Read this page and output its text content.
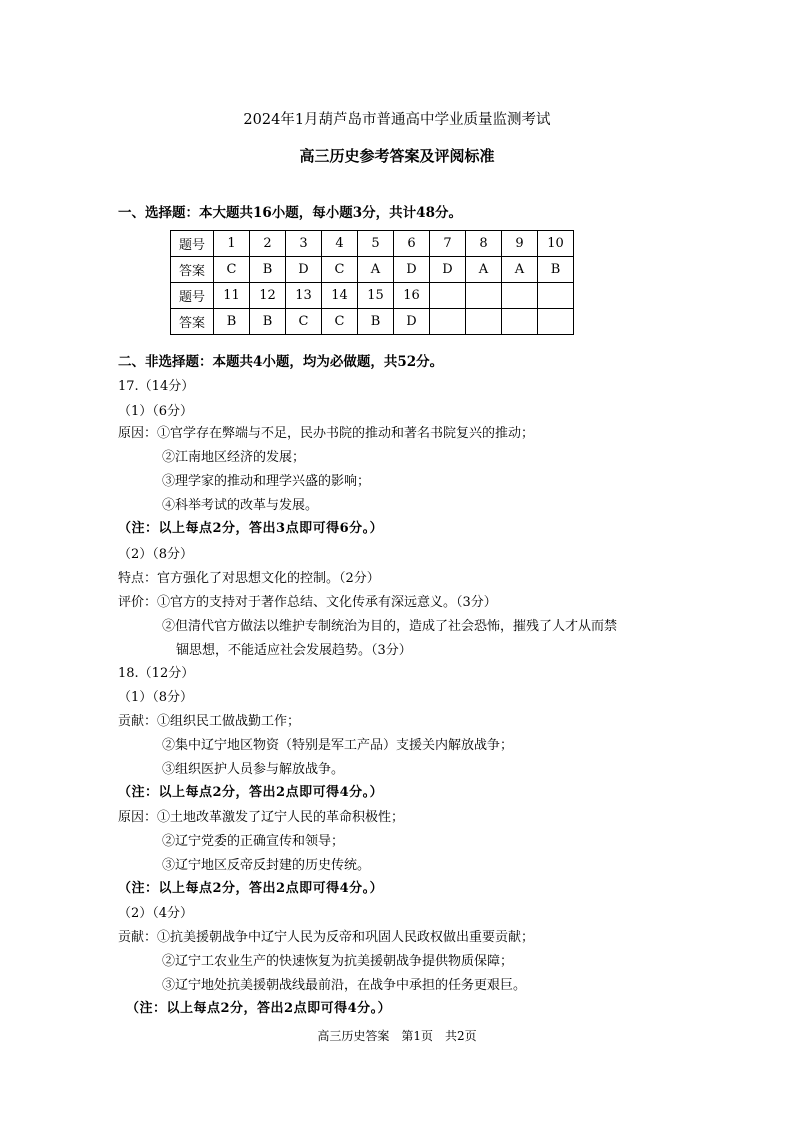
2024年1月葫芦岛市普通高中学业质量监测考试
高三历史参考答案及评阅标准
一、选择题：本大题共16小题，每小题3分，共计48分。
题号	1	2	3	4	5	6	7	8	9	10
答案	C	B	D	C	A	D	D	A	A	B
题号	11	12	13	14	15	16				
答案	B	B	C	C	B	D				
二、非选择题：本题共4小题，均为必做题，共52分。
17.（14分）
（1）（6分）
原因：①官学存在弊端与不足，民办书院的推动和著名书院复兴的推动；
②江南地区经济的发展；
③理学家的推动和理学兴盛的影响；
④科举考试的改革与发展。
（注：以上每点2分，答出3点即可得6分。）
（2）（8分）
特点：官方强化了对思想文化的控制。（2分）
评价：①官方的支持对于著作总结、文化传承有深远意义。（3分）
②但清代官方做法以维护专制统治为目的，造成了社会恐怖，摧残了人才从而禁
锢思想，不能适应社会发展趋势。（3分）
18.（12分）
（1）（8分）
贡献：①组织民工做战勤工作；
②集中辽宁地区物资（特别是军工产品）支援关内解放战争；
③组织医护人员参与解放战争。
（注：以上每点2分，答出2点即可得4分。）
原因：①土地改革激发了辽宁人民的革命积极性；
②辽宁党委的正确宣传和领导；
③辽宁地区反帝反封建的历史传统。
（注：以上每点2分，答出2点即可得4分。）
（2）（4分）
贡献：①抗美援朝战争中辽宁人民为反帝和巩固人民政权做出重要贡献；
②辽宁工农业生产的快速恢复为抗美援朝战争提供物质保障；
③辽宁地处抗美援朝战线最前沿，在战争中承担的任务更艰巨。
（注：以上每点2分，答出2点即可得4分。）
高三历史答案　第1页　共2页
